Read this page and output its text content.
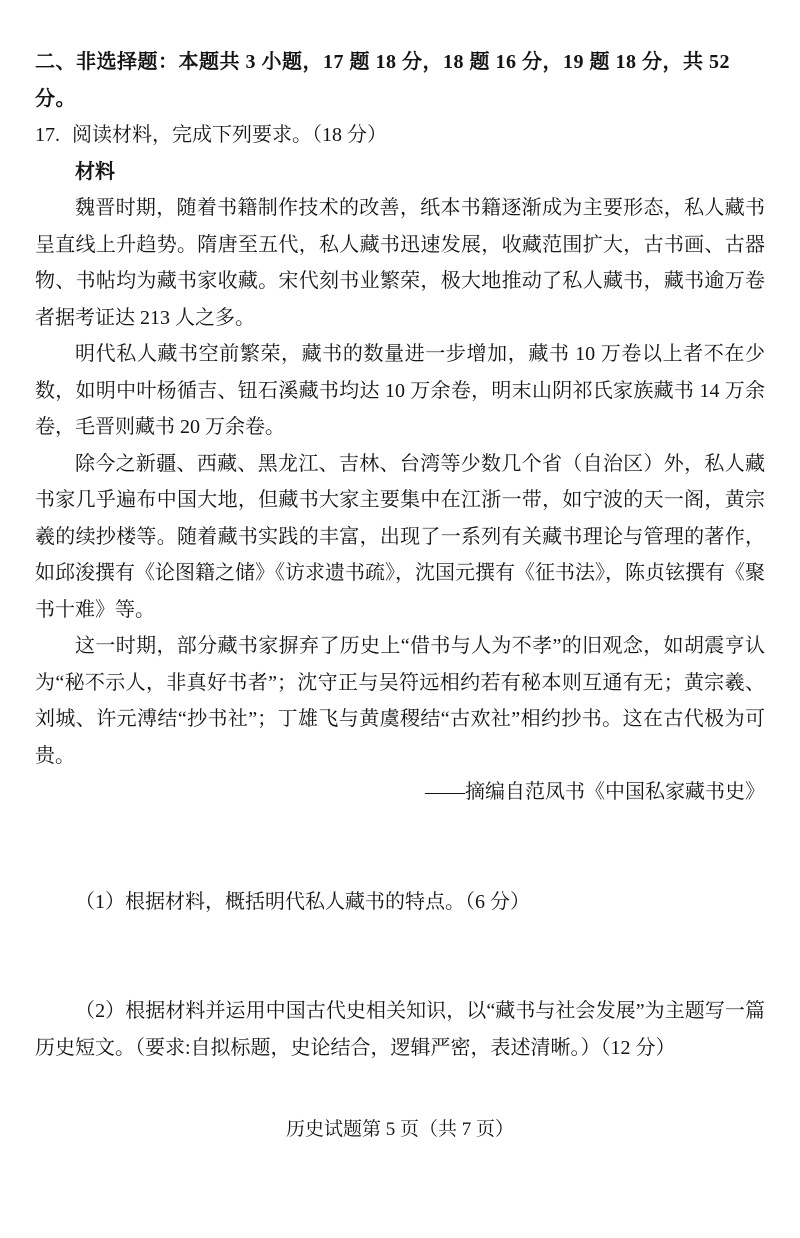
二、非选择题：本题共 3 小题，17 题 18 分，18 题 16 分，19 题 18 分，共 52 分。

17. 阅读材料，完成下列要求。（18 分）

材料

魏晋时期，随着书籍制作技术的改善，纸本书籍逐渐成为主要形态，私人藏书呈直线上升趋势。隋唐至五代，私人藏书迅速发展，收藏范围扩大，古书画、古器物、书帖均为藏书家收藏。宋代刻书业繁荣，极大地推动了私人藏书，藏书逾万卷者据考证达 213 人之多。

明代私人藏书空前繁荣，藏书的数量进一步增加，藏书 10 万卷以上者不在少数，如明中叶杨循吉、钮石溪藏书均达 10 万余卷，明末山阴祁氏家族藏书 14 万余卷，毛晋则藏书 20 万余卷。

除今之新疆、西藏、黑龙江、吉林、台湾等少数几个省（自治区）外，私人藏书家几乎遍布中国大地，但藏书大家主要集中在江浙一带，如宁波的天一阁，黄宗羲的续抄楼等。随着藏书实践的丰富，出现了一系列有关藏书理论与管理的著作，如邱浚撰有《论图籍之储》《访求遗书疏》，沈国元撰有《征书法》，陈贞铉撰有《聚书十难》等。

这一时期，部分藏书家摒弃了历史上“借书与人为不孝”的旧观念，如胡震亨认为“秘不示人，非真好书者”；沈守正与吴符远相约若有秘本则互通有无；黄宗羲、刘城、许元溥结“抄书社”；丁雄飞与黄虞稷结“古欢社”相约抄书。这在古代极为可贵。

——摘编自范凤书《中国私家藏书史》

（1）根据材料，概括明代私人藏书的特点。（6 分）

（2）根据材料并运用中国古代史相关知识，以“藏书与社会发展”为主题写一篇历史短文。（要求:自拟标题，史论结合，逻辑严密，表述清晰。）（12 分）

历史试题第 5 页（共 7 页）
